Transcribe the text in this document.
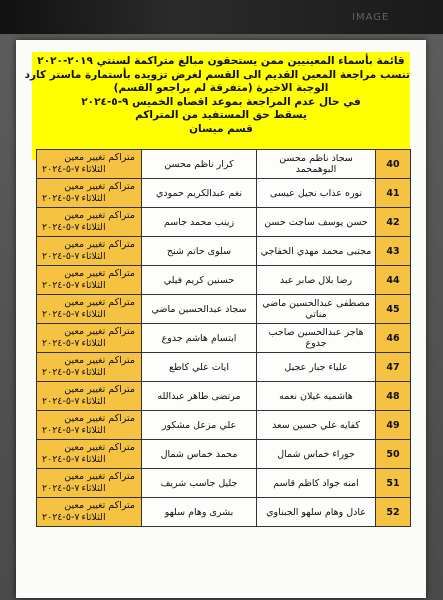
IMAGE
قائمة بأسماء المعينيين ممن يستحقون مبالغ متراكمة لسنتي ٢٠١٩-٢٠٢٠
تنسب مراجعة المعين القديم الى القسم لغرض تزويده بأستمارة ماستر كارد
الوجبة الاخيرة (متفرقة لم يراجعو القسم)
في حال عدم المراجعة بموعد اقصاه الخميس ٩-٥-٢٠٢٤
يسقط حق المستفيد من المتراكم
قسم ميسان
40	سجاد ناظم محسن البوهمحمد	كرار ناظم محسن	متراكم تغيير معين
الثلاثاء٧-٥-٢٠٢٤

41	نوره عذاب نجيل عيسى	نغم عبدالكريم حمودي	متراكم تغيير معين
الثلاثاء٧-٥-٢٠٢٤

42	حسن يوسف ساجت حسن	زينب محمد جاسم	متراكم تغيير معين
الثلاثاء٧-٥-٢٠٢٤

43	مجتبى محمد مهدي الخفاجي	سلوى حاتم شنج	متراكم تغيير معين
الثلاثاء٧-٥-٢٠٢٤

44	رضا بلال صابر عبد	حسنين كريم فيلي	متراكم تغيير معين
الثلاثاء٧-٥-٢٠٢٤

45	مصطفى عبدالحسين ماضي مناتي	سجاد عبدالحسين ماضي	متراكم تغيير معين
الثلاثاء٧-٥-٢٠٢٤

46	هاجر عبدالحسين صاحب جدوع	ابتسام هاشم جدوع	متراكم تغيير معين
الثلاثاء٧-٥-٢٠٢٤

47	علياء جبار عجيل	ايات علي كاطع	متراكم تغيير معين
الثلاثاء٧-٥-٢٠٢٤

48	هاشميه غيلان نعمه	مرتضى طاهر عبدالله	متراكم تغيير معين
الثلاثاء٧-٥-٢٠٢٤

49	كفايه علي حسين سعد	علي مزعل مشكور	متراكم تغيير معين
الثلاثاء٧-٥-٢٠٢٤

50	حوراء خماس شمال	محمد خماس شمال	متراكم تغيير معين
الثلاثاء٧-٥-٢٠٢٤

51	امنه جواد كاظم قاسم	جليل جاسب شريف	متراكم تغيير معين
الثلاثاء٧-٥-٢٠٢٤

52	عادل وهام سلهو الجبناوي	بشرى وهام سلهو	متراكم تغيير معين
الثلاثاء٧-٥-٢٠٢٤
